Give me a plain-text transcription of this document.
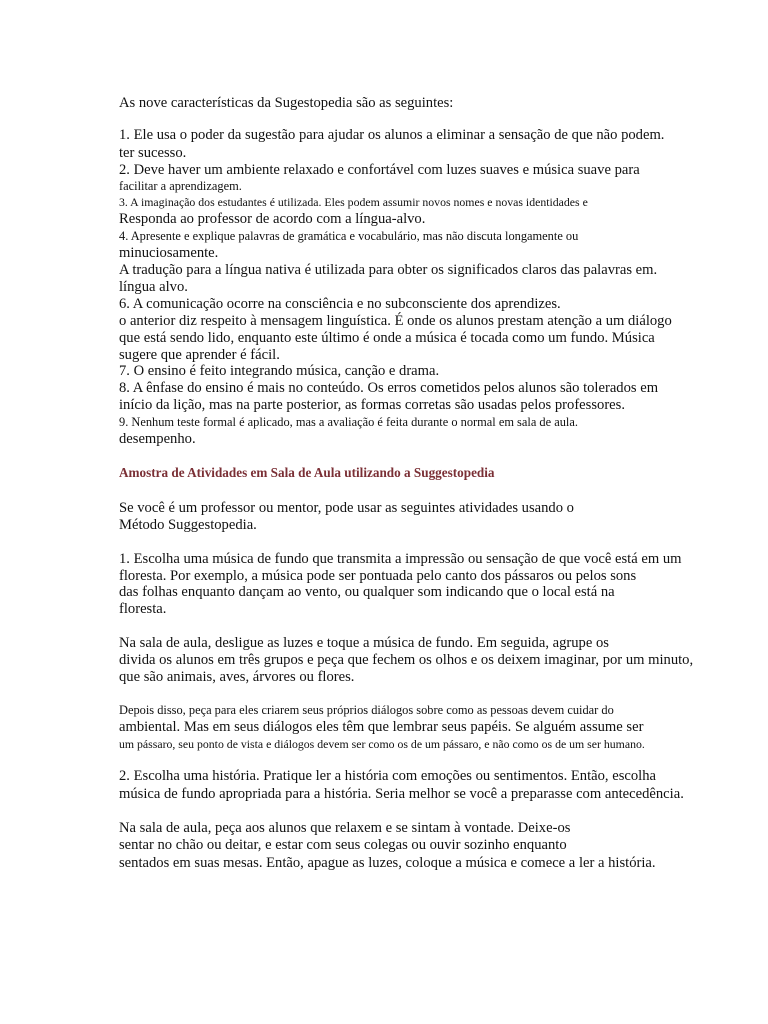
As nove características da Sugestopedia são as seguintes:
1. Ele usa o poder da sugestão para ajudar os alunos a eliminar a sensação de que não podem.
ter sucesso.
2. Deve haver um ambiente relaxado e confortável com luzes suaves e música suave para
facilitar a aprendizagem.
3. A imaginação dos estudantes é utilizada. Eles podem assumir novos nomes e novas identidades e
Responda ao professor de acordo com a língua-alvo.
4. Apresente e explique palavras de gramática e vocabulário, mas não discuta longamente ou
minuciosamente.
A tradução para a língua nativa é utilizada para obter os significados claros das palavras em.
língua alvo.
6. A comunicação ocorre na consciência e no subconsciente dos aprendizes.
o anterior diz respeito à mensagem linguística. É onde os alunos prestam atenção a um diálogo
que está sendo lido, enquanto este último é onde a música é tocada como um fundo. Música
sugere que aprender é fácil.
7. O ensino é feito integrando música, canção e drama.
8. A ênfase do ensino é mais no conteúdo. Os erros cometidos pelos alunos são tolerados em
início da lição, mas na parte posterior, as formas corretas são usadas pelos professores.
9. Nenhum teste formal é aplicado, mas a avaliação é feita durante o normal em sala de aula.
desempenho.
Amostra de Atividades em Sala de Aula utilizando a Suggestopedia
Se você é um professor ou mentor, pode usar as seguintes atividades usando o
Método Suggestopedia.
1. Escolha uma música de fundo que transmita a impressão ou sensação de que você está em um
floresta. Por exemplo, a música pode ser pontuada pelo canto dos pássaros ou pelos sons
das folhas enquanto dançam ao vento, ou qualquer som indicando que o local está na
floresta.
Na sala de aula, desligue as luzes e toque a música de fundo. Em seguida, agrupe os
divida os alunos em três grupos e peça que fechem os olhos e os deixem imaginar, por um minuto,
que são animais, aves, árvores ou flores.
Depois disso, peça para eles criarem seus próprios diálogos sobre como as pessoas devem cuidar do
ambiental. Mas em seus diálogos eles têm que lembrar seus papéis. Se alguém assume ser
um pássaro, seu ponto de vista e diálogos devem ser como os de um pássaro, e não como os de um ser humano.
2. Escolha uma história. Pratique ler a história com emoções ou sentimentos. Então, escolha
música de fundo apropriada para a história. Seria melhor se você a preparasse com antecedência.
Na sala de aula, peça aos alunos que relaxem e se sintam à vontade. Deixe-os
sentar no chão ou deitar, e estar com seus colegas ou ouvir sozinho enquanto
sentados em suas mesas. Então, apague as luzes, coloque a música e comece a ler a história.
